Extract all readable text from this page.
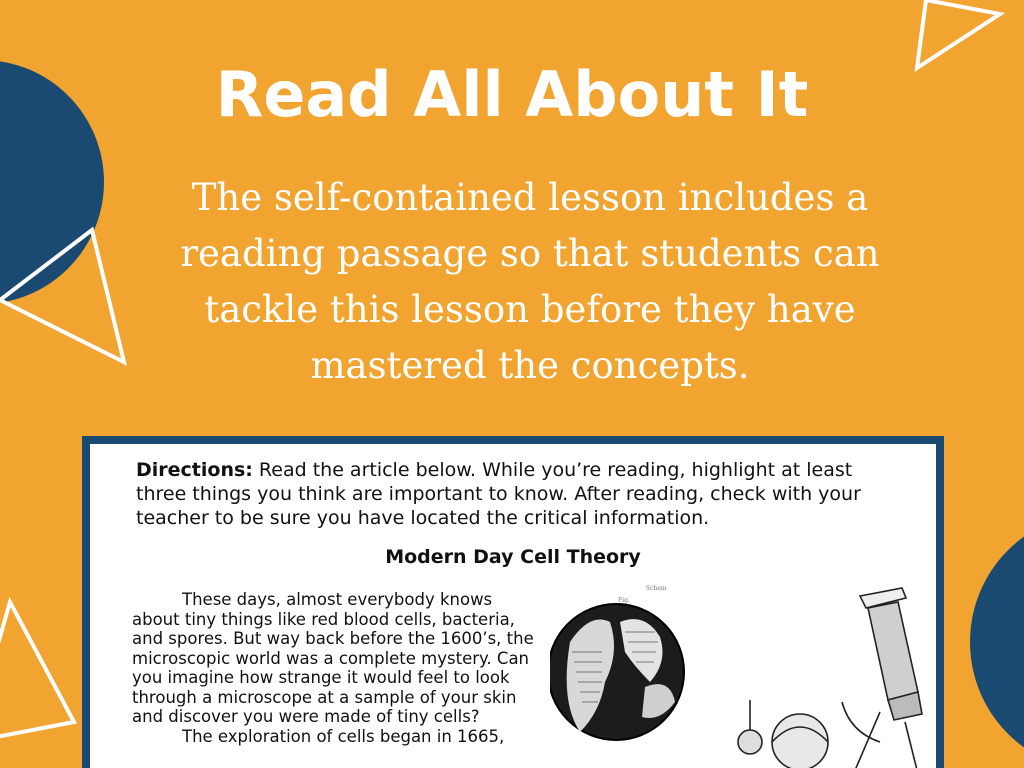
Read All About It
The self-contained lesson includes a reading passage so that students can tackle this lesson before they have mastered the concepts.
Directions: Read the article below. While you’re reading, highlight at least three things you think are important to know. After reading, check with your teacher to be sure you have located the critical information.
Modern Day Cell Theory

These days, almost everybody knows about tiny things like red blood cells, bacteria, and spores. But way back before the 1600’s, the microscopic world was a complete mystery. Can you imagine how strange it would feel to look through a microscope at a sample of your skin and discover you were made of tiny cells?

The exploration of cells began in 1665,

Schem
Fig.
